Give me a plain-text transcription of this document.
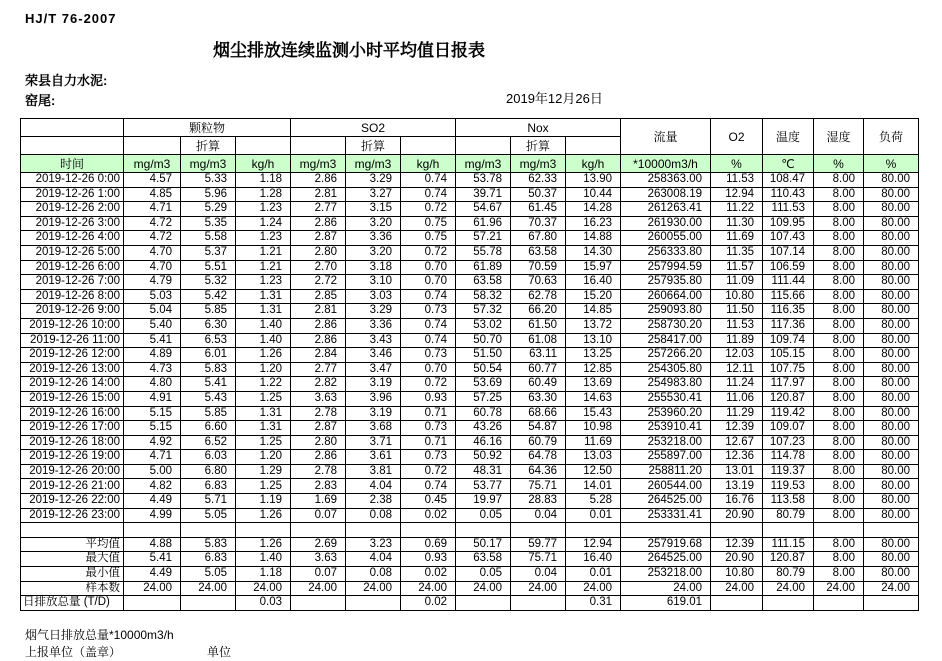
HJ/T 76-2007
烟尘排放连续监测小时平均值日报表
荣县自力水泥:
窑尾:	2019年12月26日
	颗粒物			SO2			Nox			流量	O2	温度	湿度	负荷
		折算			折算			折算						
时间	mg/m3	mg/m3	kg/h	mg/m3	mg/m3	kg/h	mg/m3	mg/m3	kg/h	*10000m3/h	%	℃	%	%
2019-12-26 0:00	4.57	5.33	1.18	2.86	3.29	0.74	53.78	62.33	13.90	258363.00	11.53	108.47	8.00	80.00
2019-12-26 1:00	4.85	5.96	1.28	2.81	3.27	0.74	39.71	50.37	10.44	263008.19	12.94	110.43	8.00	80.00
2019-12-26 2:00	4.71	5.29	1.23	2.77	3.15	0.72	54.67	61.45	14.28	261263.41	11.22	111.53	8.00	80.00
2019-12-26 3:00	4.72	5.35	1.24	2.86	3.20	0.75	61.96	70.37	16.23	261930.00	11.30	109.95	8.00	80.00
2019-12-26 4:00	4.72	5.58	1.23	2.87	3.36	0.75	57.21	67.80	14.88	260055.00	11.69	107.43	8.00	80.00
2019-12-26 5:00	4.70	5.37	1.21	2.80	3.20	0.72	55.78	63.58	14.30	256333.80	11.35	107.14	8.00	80.00
2019-12-26 6:00	4.70	5.51	1.21	2.70	3.18	0.70	61.89	70.59	15.97	257994.59	11.57	106.59	8.00	80.00
2019-12-26 7:00	4.79	5.32	1.23	2.72	3.10	0.70	63.58	70.63	16.40	257935.80	11.09	111.44	8.00	80.00
2019-12-26 8:00	5.03	5.42	1.31	2.85	3.03	0.74	58.32	62.78	15.20	260664.00	10.80	115.66	8.00	80.00
2019-12-26 9:00	5.04	5.85	1.31	2.81	3.29	0.73	57.32	66.20	14.85	259093.80	11.50	116.35	8.00	80.00
2019-12-26 10:00	5.40	6.30	1.40	2.86	3.36	0.74	53.02	61.50	13.72	258730.20	11.53	117.36	8.00	80.00
2019-12-26 11:00	5.41	6.53	1.40	2.86	3.43	0.74	50.70	61.08	13.10	258417.00	11.89	109.74	8.00	80.00
2019-12-26 12:00	4.89	6.01	1.26	2.84	3.46	0.73	51.50	63.11	13.25	257266.20	12.03	105.15	8.00	80.00
2019-12-26 13:00	4.73	5.83	1.20	2.77	3.47	0.70	50.54	60.77	12.85	254305.80	12.11	107.75	8.00	80.00
2019-12-26 14:00	4.80	5.41	1.22	2.82	3.19	0.72	53.69	60.49	13.69	254983.80	11.24	117.97	8.00	80.00
2019-12-26 15:00	4.91	5.43	1.25	3.63	3.96	0.93	57.25	63.30	14.63	255530.41	11.06	120.87	8.00	80.00
2019-12-26 16:00	5.15	5.85	1.31	2.78	3.19	0.71	60.78	68.66	15.43	253960.20	11.29	119.42	8.00	80.00
2019-12-26 17:00	5.15	6.60	1.31	2.87	3.68	0.73	43.26	54.87	10.98	253910.41	12.39	109.07	8.00	80.00
2019-12-26 18:00	4.92	6.52	1.25	2.80	3.71	0.71	46.16	60.79	11.69	253218.00	12.67	107.23	8.00	80.00
2019-12-26 19:00	4.71	6.03	1.20	2.86	3.61	0.73	50.92	64.78	13.03	255897.00	12.36	114.78	8.00	80.00
2019-12-26 20:00	5.00	6.80	1.29	2.78	3.81	0.72	48.31	64.36	12.50	258811.20	13.01	119.37	8.00	80.00
2019-12-26 21:00	4.82	6.83	1.25	2.83	4.04	0.74	53.77	75.71	14.01	260544.00	13.19	119.53	8.00	80.00
2019-12-26 22:00	4.49	5.71	1.19	1.69	2.38	0.45	19.97	28.83	5.28	264525.00	16.76	113.58	8.00	80.00
2019-12-26 23:00	4.99	5.05	1.26	0.07	0.08	0.02	0.05	0.04	0.01	253331.41	20.90	80.79	8.00	80.00

平均值	4.88	5.83	1.26	2.69	3.23	0.69	50.17	59.77	12.94	257919.68	12.39	111.15	8.00	80.00
最大值	5.41	6.83	1.40	3.63	4.04	0.93	63.58	75.71	16.40	264525.00	20.90	120.87	8.00	80.00
最小值	4.49	5.05	1.18	0.07	0.08	0.02	0.05	0.04	0.01	253218.00	10.80	80.79	8.00	80.00
样本数	24.00	24.00	24.00	24.00	24.00	24.00	24.00	24.00	24.00	24.00	24.00	24.00	24.00	24.00
日排放总量 (T/D)			0.03			0.02			0.31	619.01				
烟气日排放总量*10000m3/h
上报单位（盖章）	单位
